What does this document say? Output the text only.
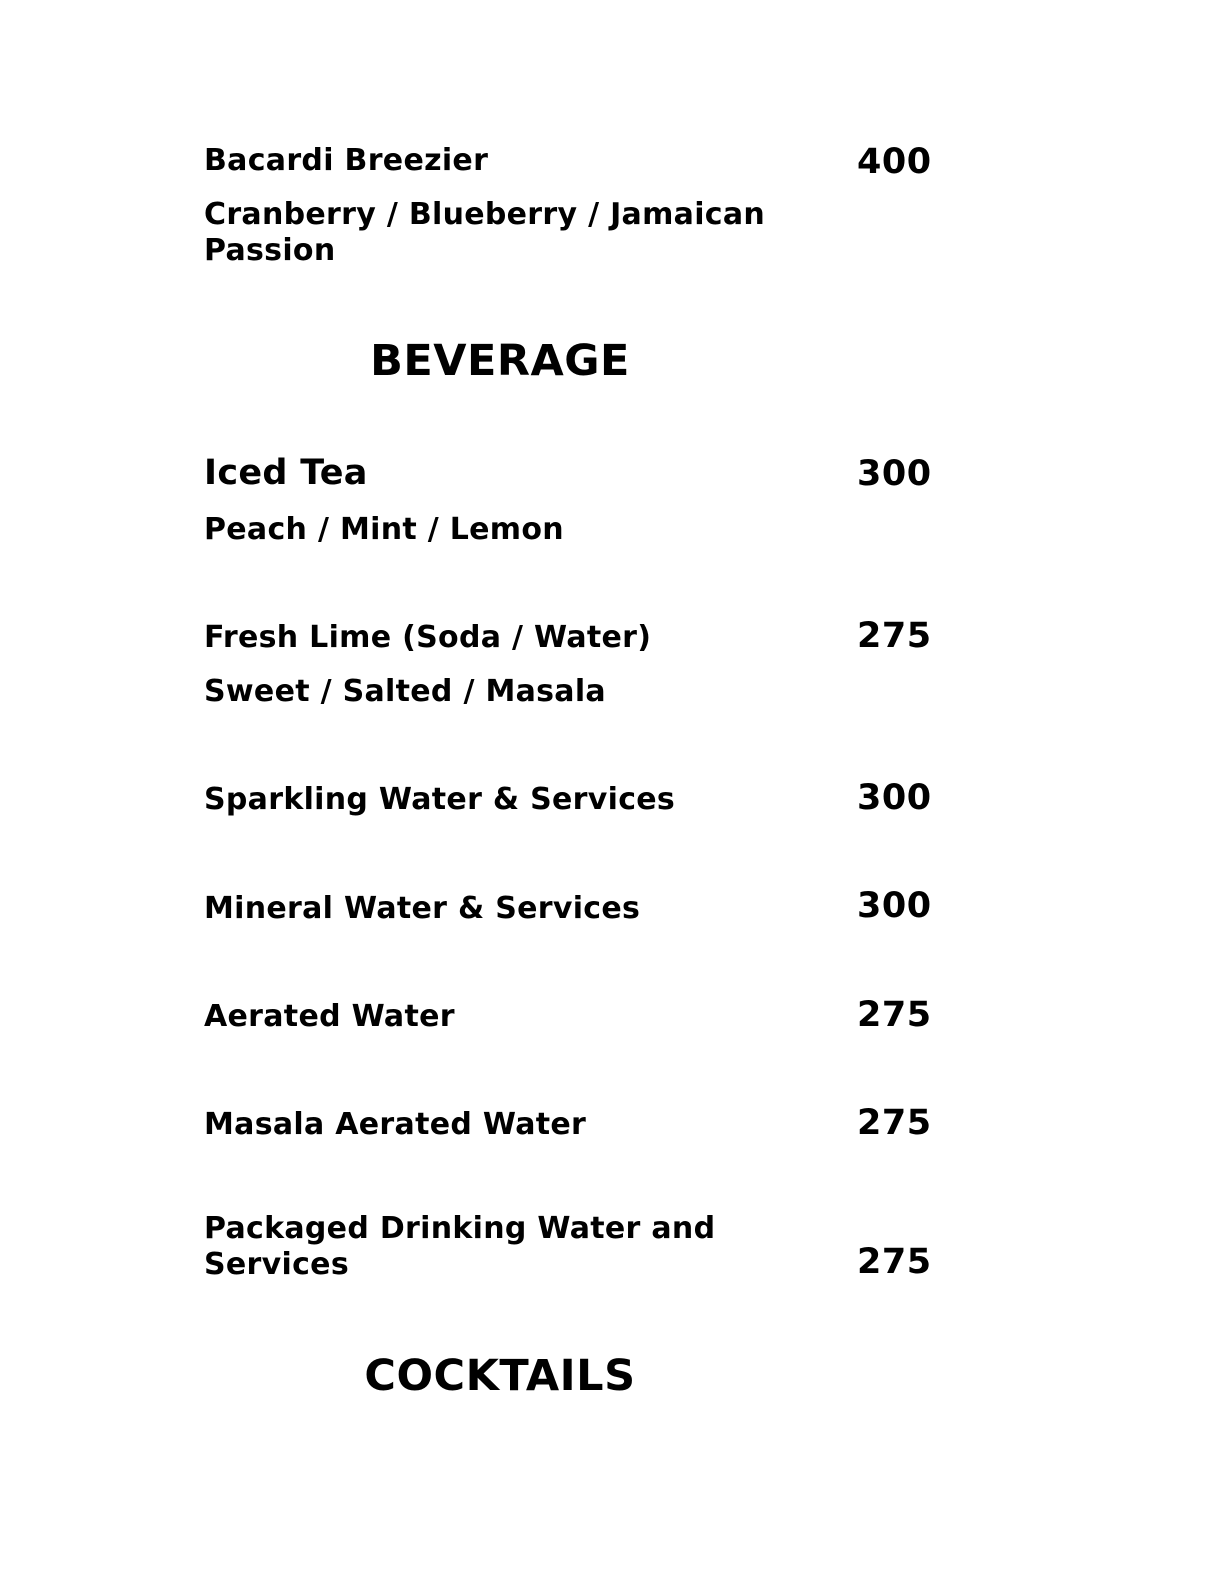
Bacardi Breezier	400
Cranberry / Blueberry / Jamaican Passion
BEVERAGE
Iced Tea	300
Peach / Mint / Lemon
Fresh Lime (Soda / Water)	275
Sweet / Salted / Masala
Sparkling Water & Services	300
Mineral Water & Services	300
Aerated Water	275
Masala Aerated Water	275
Packaged Drinking Water and Services	275
COCKTAILS
